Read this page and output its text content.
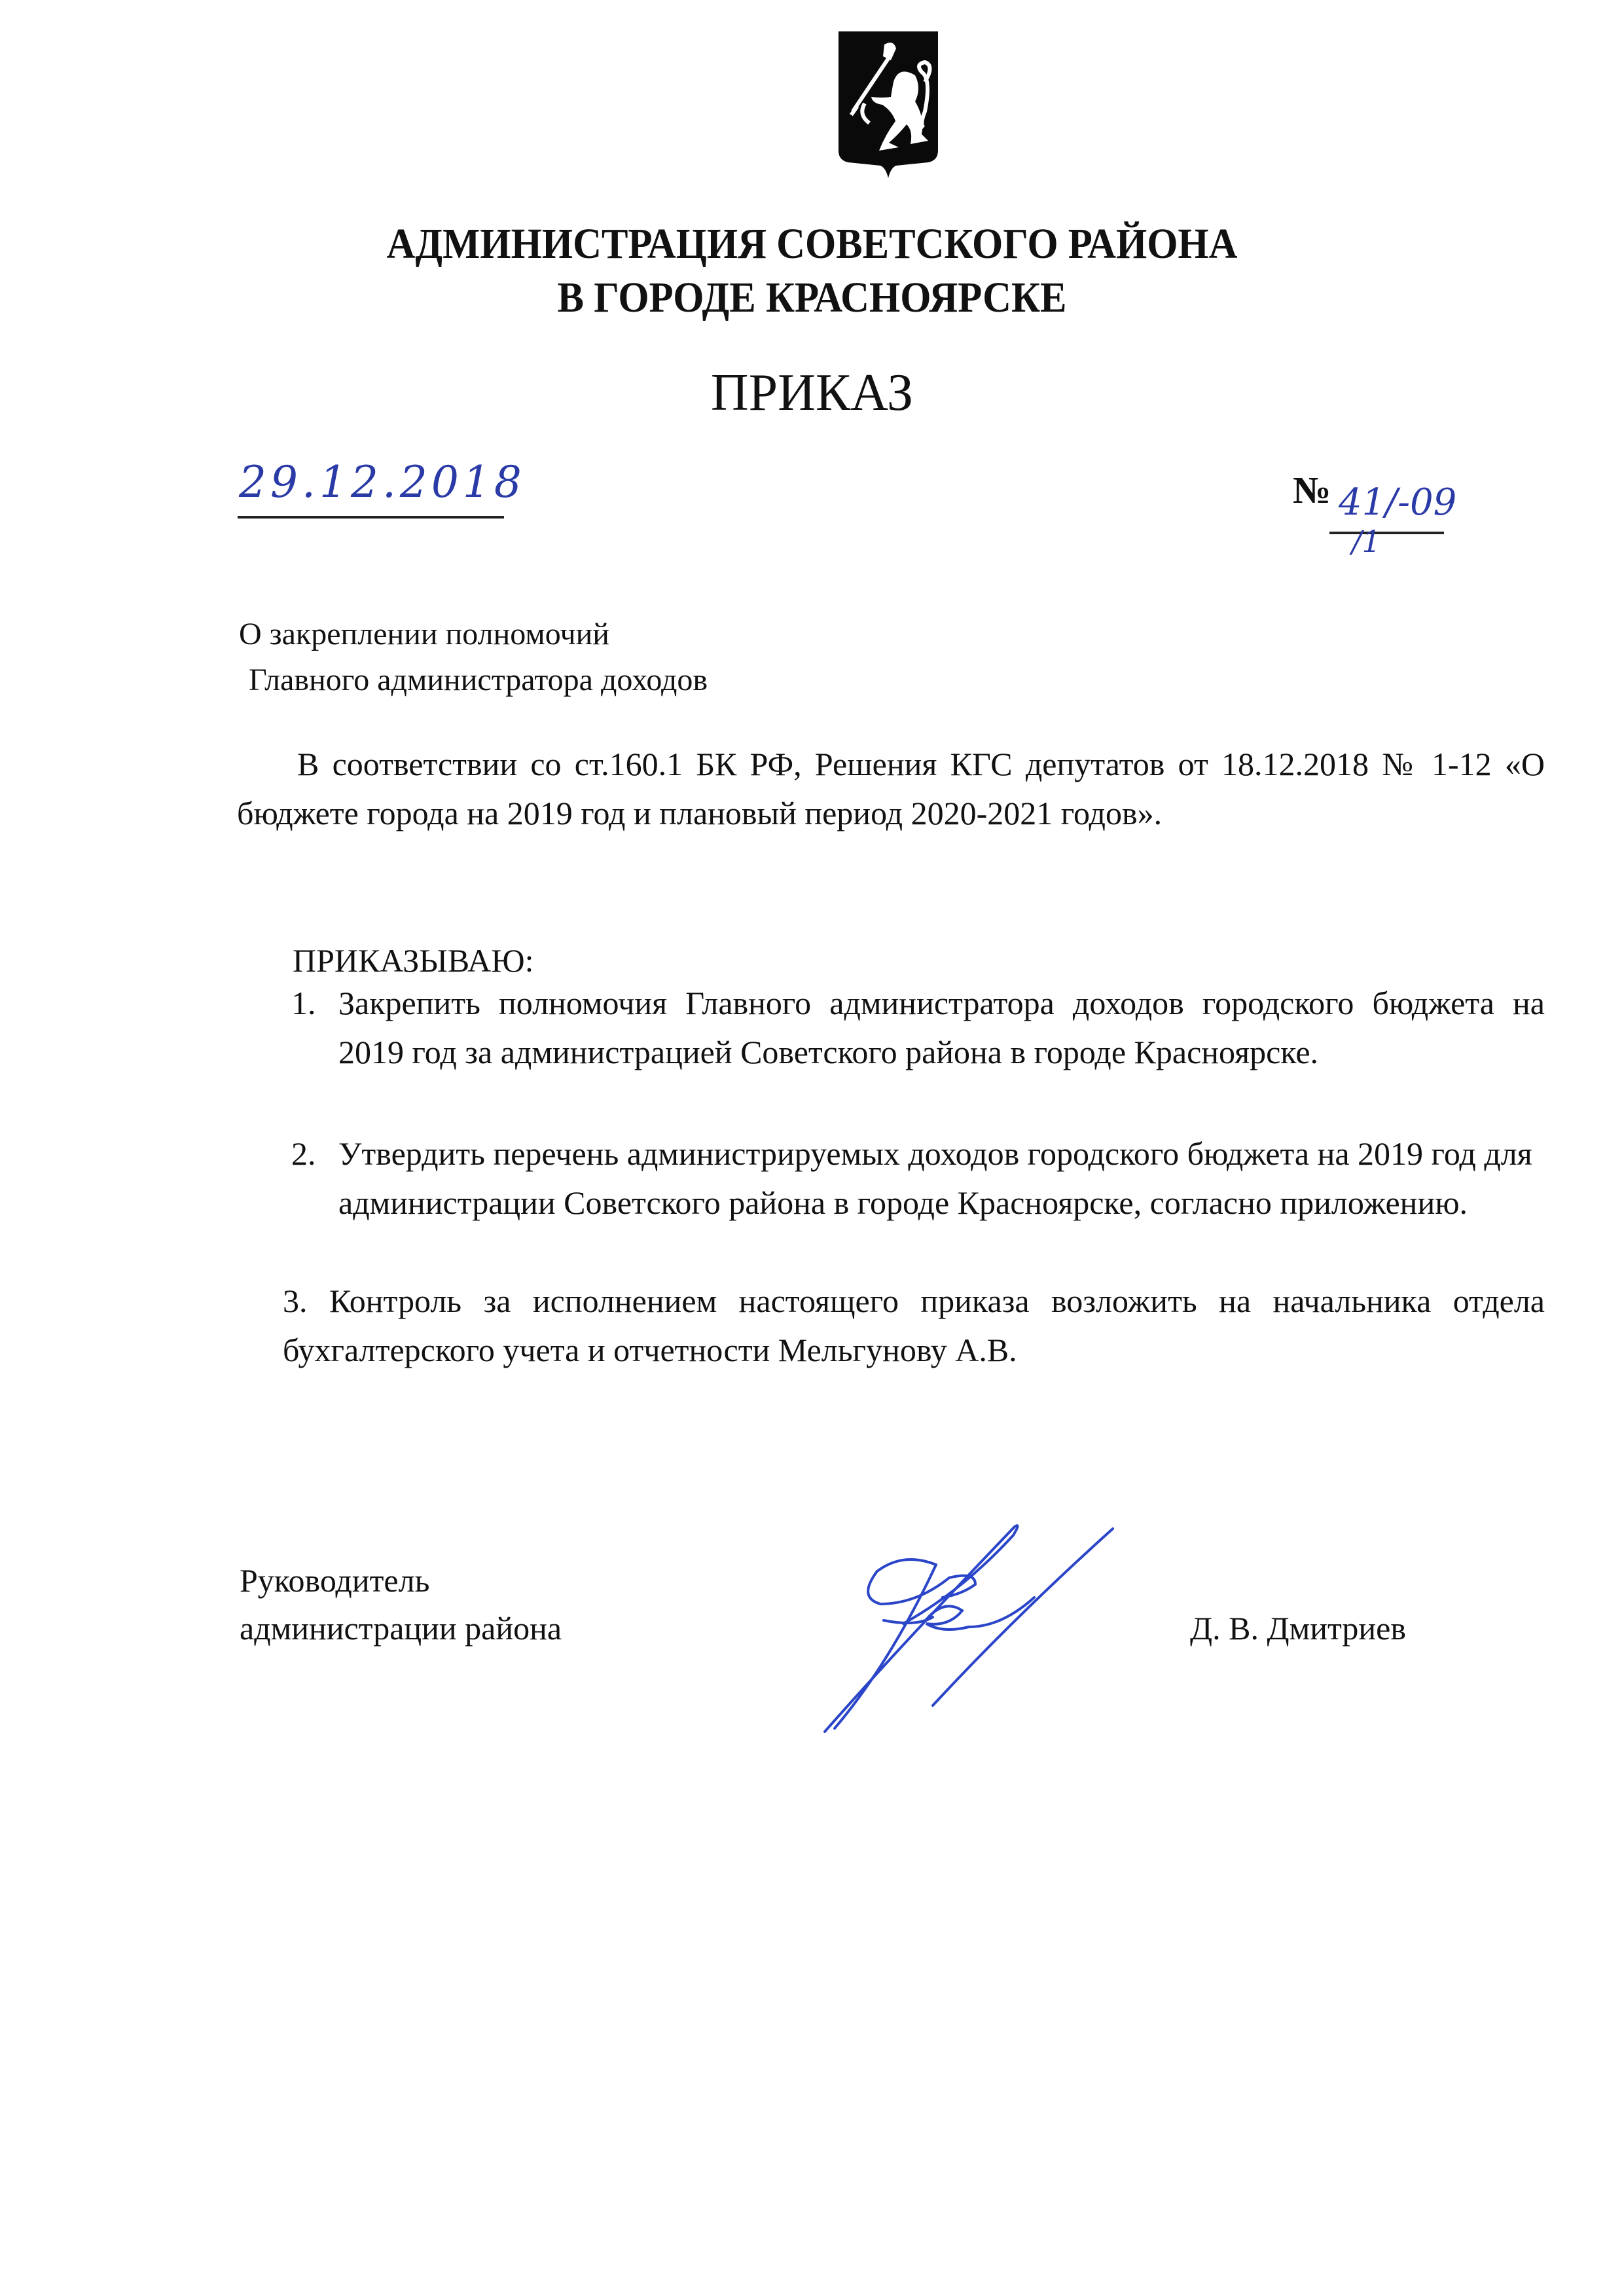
АДМИНИСТРАЦИЯ СОВЕТСКОГО РАЙОНА
В ГОРОДЕ КРАСНОЯРСКЕ
ПРИКАЗ
29.12.2018	№ 41/-09
/1
О закреплении полномочий
Главного администратора доходов
В соответствии со ст.160.1 БК РФ, Решения КГС депутатов от 18.12.2018 № 1-12 «О бюджете города на 2019 год и плановый период 2020-2021 годов».
ПРИКАЗЫВАЮ:
1. Закрепить полномочия Главного администратора доходов городского бюджета на 2019 год за администрацией Советского района в городе Красноярске.
2. Утвердить перечень администрируемых доходов городского бюджета на 2019 год для администрации Советского района в городе Красноярске, согласно приложению.
3. Контроль за исполнением настоящего приказа возложить на начальника отдела бухгалтерского учета и отчетности Мельгунову А.В.
Руководитель
администрации района	Д. В. Дмитриев
